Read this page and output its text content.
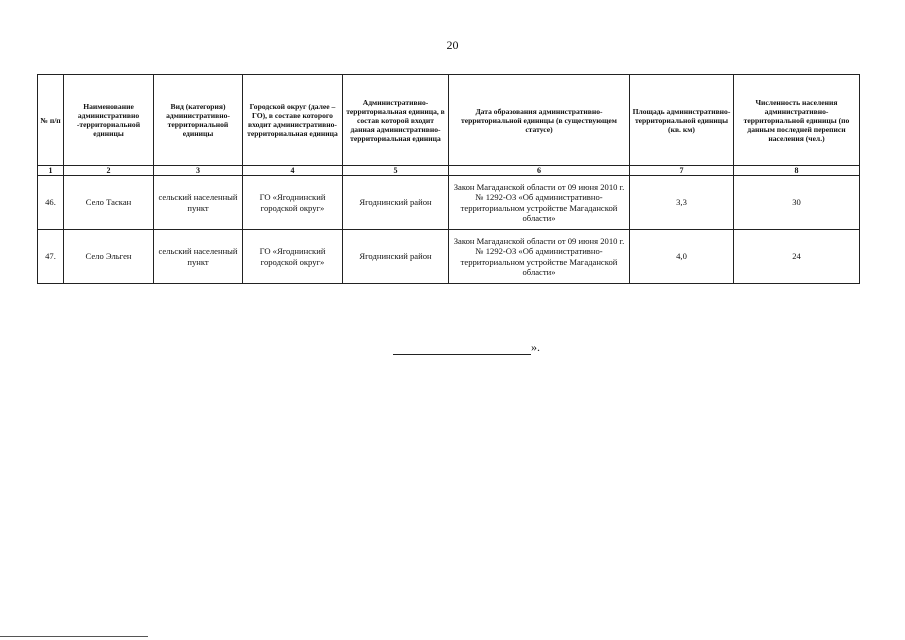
20
№ п/п	Наименование административно -территориальной единицы	Вид (категория) административно-территориальной единицы	Городской округ (далее – ГО), в составе которого входит административно-территориальная единица	Административно-территориальная единица, в состав которой входит данная административно-территориальная единица	Дата образования административно-территориальной единицы (в существующем статусе)	Площадь административно-территориальной единицы (кв. км)	Численность населения административно-территориальной единицы (по данным последней переписи населения (чел.)
1	2	3	4	5	6	7	8
46.	Село Таскан	сельский населенный пункт	ГО «Ягоднинский городской округ»	Ягоднинский район	Закон Магаданской области от 09 июня 2010 г. № 1292-ОЗ «Об административно-территориальном устройстве Магаданской области»	3,3	30
47.	Село Эльген	сельский населенный пункт	ГО «Ягоднинский городской округ»	Ягоднинский район	Закон Магаданской области от 09 июня 2010 г. № 1292-ОЗ «Об административно-территориальном устройстве Магаданской области»	4,0	24
».
